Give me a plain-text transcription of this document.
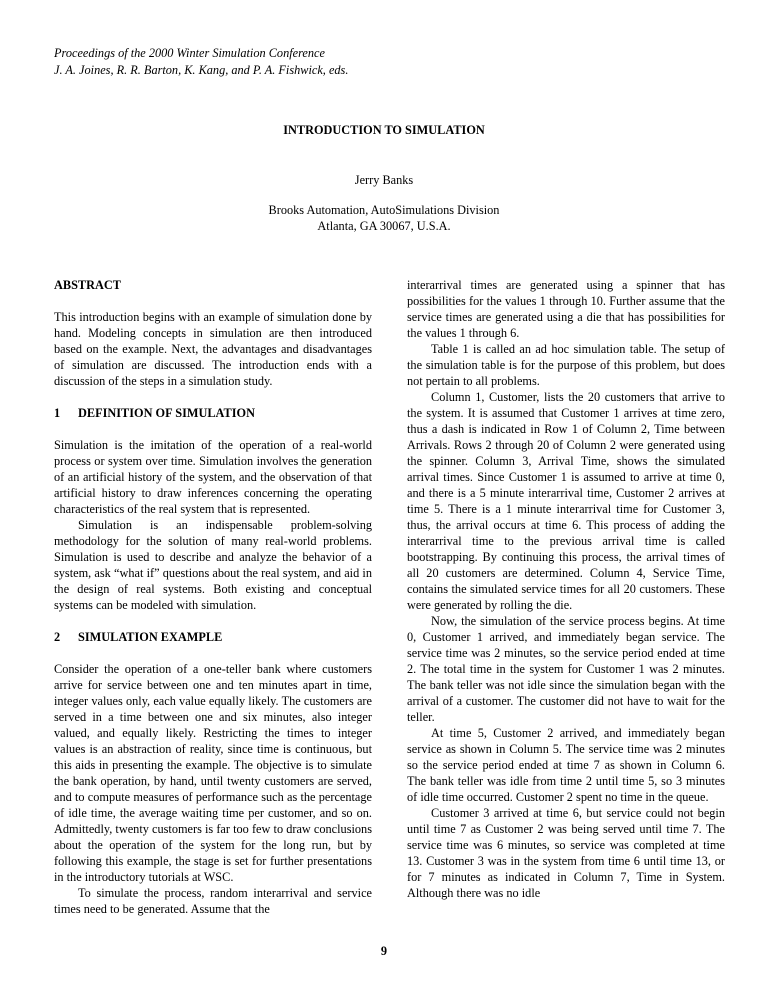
Proceedings of the 2000 Winter Simulation Conference
J. A. Joines, R. R. Barton, K. Kang, and P. A. Fishwick, eds.
INTRODUCTION TO SIMULATION
Jerry Banks
Brooks Automation, AutoSimulations Division
Atlanta, GA 30067, U.S.A.
ABSTRACT

This introduction begins with an example of simulation done by hand. Modeling concepts in simulation are then introduced based on the example. Next, the advantages and disadvantages of simulation are discussed. The introduction ends with a discussion of the steps in a simulation study.

1 DEFINITION OF SIMULATION

Simulation is the imitation of the operation of a real-world process or system over time. Simulation involves the generation of an artificial history of the system, and the observation of that artificial history to draw inferences concerning the operating characteristics of the real system that is represented.

Simulation is an indispensable problem-solving methodology for the solution of many real-world problems. Simulation is used to describe and analyze the behavior of a system, ask “what if” questions about the real system, and aid in the design of real systems. Both existing and conceptual systems can be modeled with simulation.

2 SIMULATION EXAMPLE

Consider the operation of a one-teller bank where customers arrive for service between one and ten minutes apart in time, integer values only, each value equally likely. The customers are served in a time between one and six minutes, also integer valued, and equally likely. Restricting the times to integer values is an abstraction of reality, since time is continuous, but this aids in presenting the example. The objective is to simulate the bank operation, by hand, until twenty customers are served, and to compute measures of performance such as the percentage of idle time, the average waiting time per customer, and so on. Admittedly, twenty customers is far too few to draw conclusions about the operation of the system for the long run, but by following this example, the stage is set for further presentations in the introductory tutorials at WSC.

To simulate the process, random interarrival and service times need to be generated. Assume that the

interarrival times are generated using a spinner that has possibilities for the values 1 through 10. Further assume that the service times are generated using a die that has possibilities for the values 1 through 6.

Table 1 is called an ad hoc simulation table. The setup of the simulation table is for the purpose of this problem, but does not pertain to all problems.

Column 1, Customer, lists the 20 customers that arrive to the system. It is assumed that Customer 1 arrives at time zero, thus a dash is indicated in Row 1 of Column 2, Time between Arrivals. Rows 2 through 20 of Column 2 were generated using the spinner. Column 3, Arrival Time, shows the simulated arrival times. Since Customer 1 is assumed to arrive at time 0, and there is a 5 minute interarrival time, Customer 2 arrives at time 5. There is a 1 minute interarrival time for Customer 3, thus, the arrival occurs at time 6. This process of adding the interarrival time to the previous arrival time is called bootstrapping. By continuing this process, the arrival times of all 20 customers are determined. Column 4, Service Time, contains the simulated service times for all 20 customers. These were generated by rolling the die.

Now, the simulation of the service process begins. At time 0, Customer 1 arrived, and immediately began service. The service time was 2 minutes, so the service period ended at time 2. The total time in the system for Customer 1 was 2 minutes. The bank teller was not idle since the simulation began with the arrival of a customer. The customer did not have to wait for the teller.

At time 5, Customer 2 arrived, and immediately began service as shown in Column 5. The service time was 2 minutes so the service period ended at time 7 as shown in Column 6. The bank teller was idle from time 2 until time 5, so 3 minutes of idle time occurred. Customer 2 spent no time in the queue.

Customer 3 arrived at time 6, but service could not begin until time 7 as Customer 2 was being served until time 7. The service time was 6 minutes, so service was completed at time 13. Customer 3 was in the system from time 6 until time 13, or for 7 minutes as indicated in Column 7, Time in System. Although there was no idle

9
